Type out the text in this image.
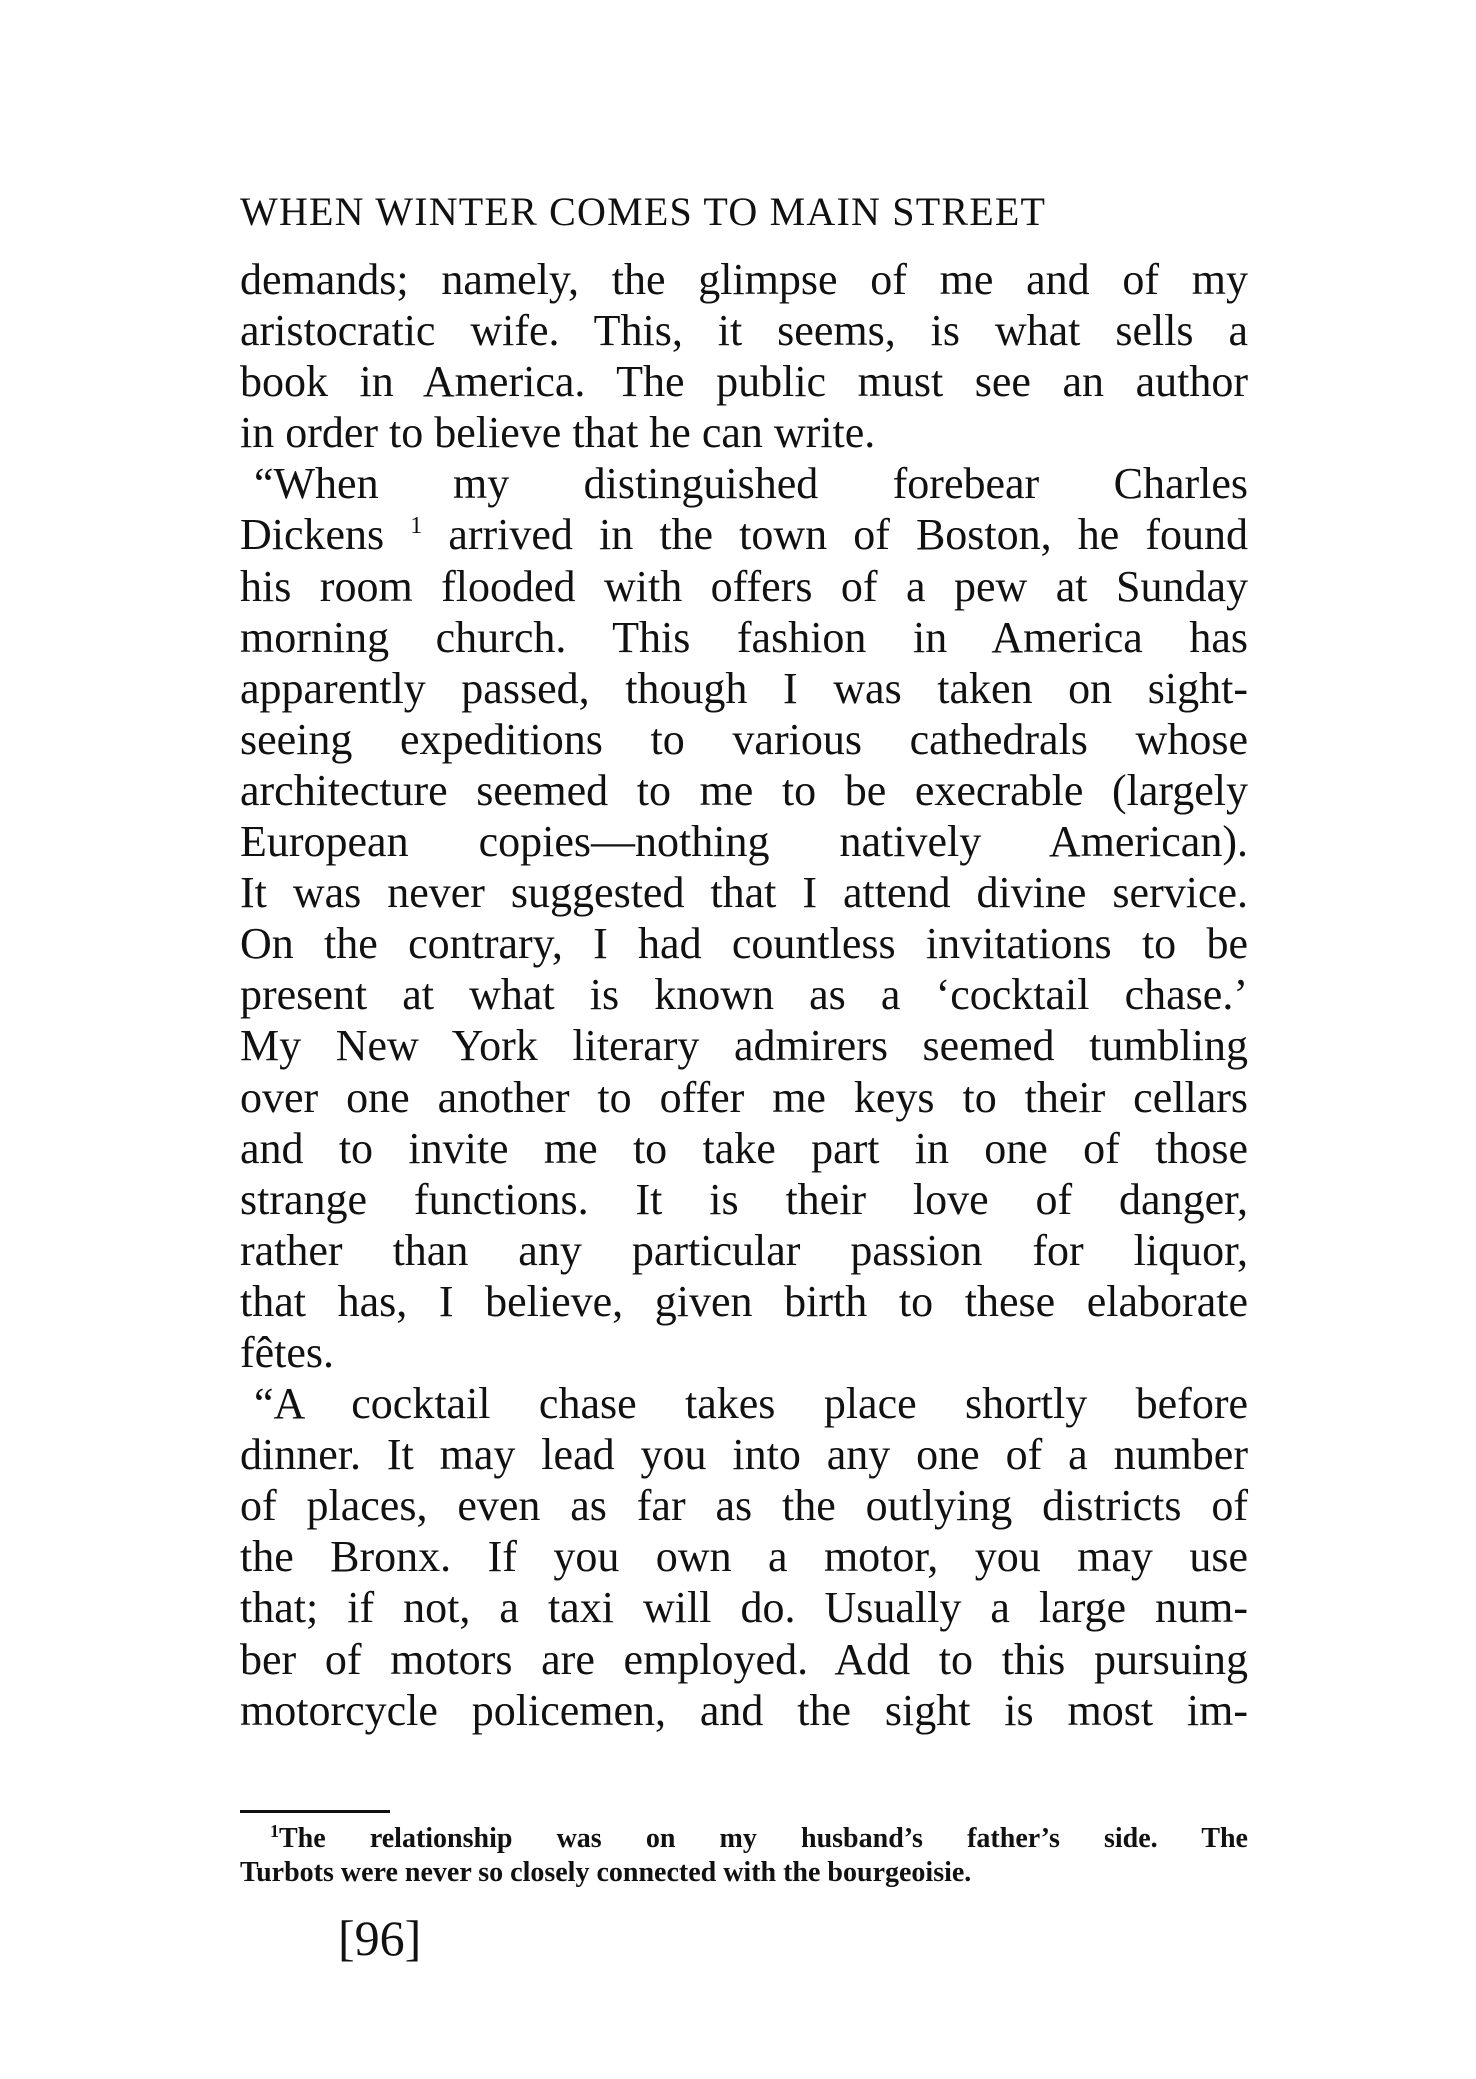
WHEN WINTER COMES TO MAIN STREET
demands; namely, the glimpse of me and of my
aristocratic wife. This, it seems, is what sells a
book in America. The public must see an author
in order to believe that he can write.
“When my distinguished forebear Charles
Dickens $^1$ arrived in the town of Boston, he found
his room flooded with offers of a pew at Sunday
morning church. This fashion in America has
apparently passed, though I was taken on sight-
seeing expeditions to various cathedrals whose
architecture seemed to me to be execrable (largely
European copies—nothing natively American).
It was never suggested that I attend divine service.
On the contrary, I had countless invitations to be
present at what is known as a ‘cocktail chase.’
My New York literary admirers seemed tumbling
over one another to offer me keys to their cellars
and to invite me to take part in one of those
strange functions. It is their love of danger,
rather than any particular passion for liquor,
that has, I believe, given birth to these elaborate
fêtes.
“A cocktail chase takes place shortly before
dinner. It may lead you into any one of a number
of places, even as far as the outlying districts of
the Bronx. If you own a motor, you may use
that; if not, a taxi will do. Usually a large num-
ber of motors are employed. Add to this pursuing
motorcycle policemen, and the sight is most im-
$^1$The relationship was on my husband’s father’s side. The
Turbots were never so closely connected with the bourgeoisie.
[96]
